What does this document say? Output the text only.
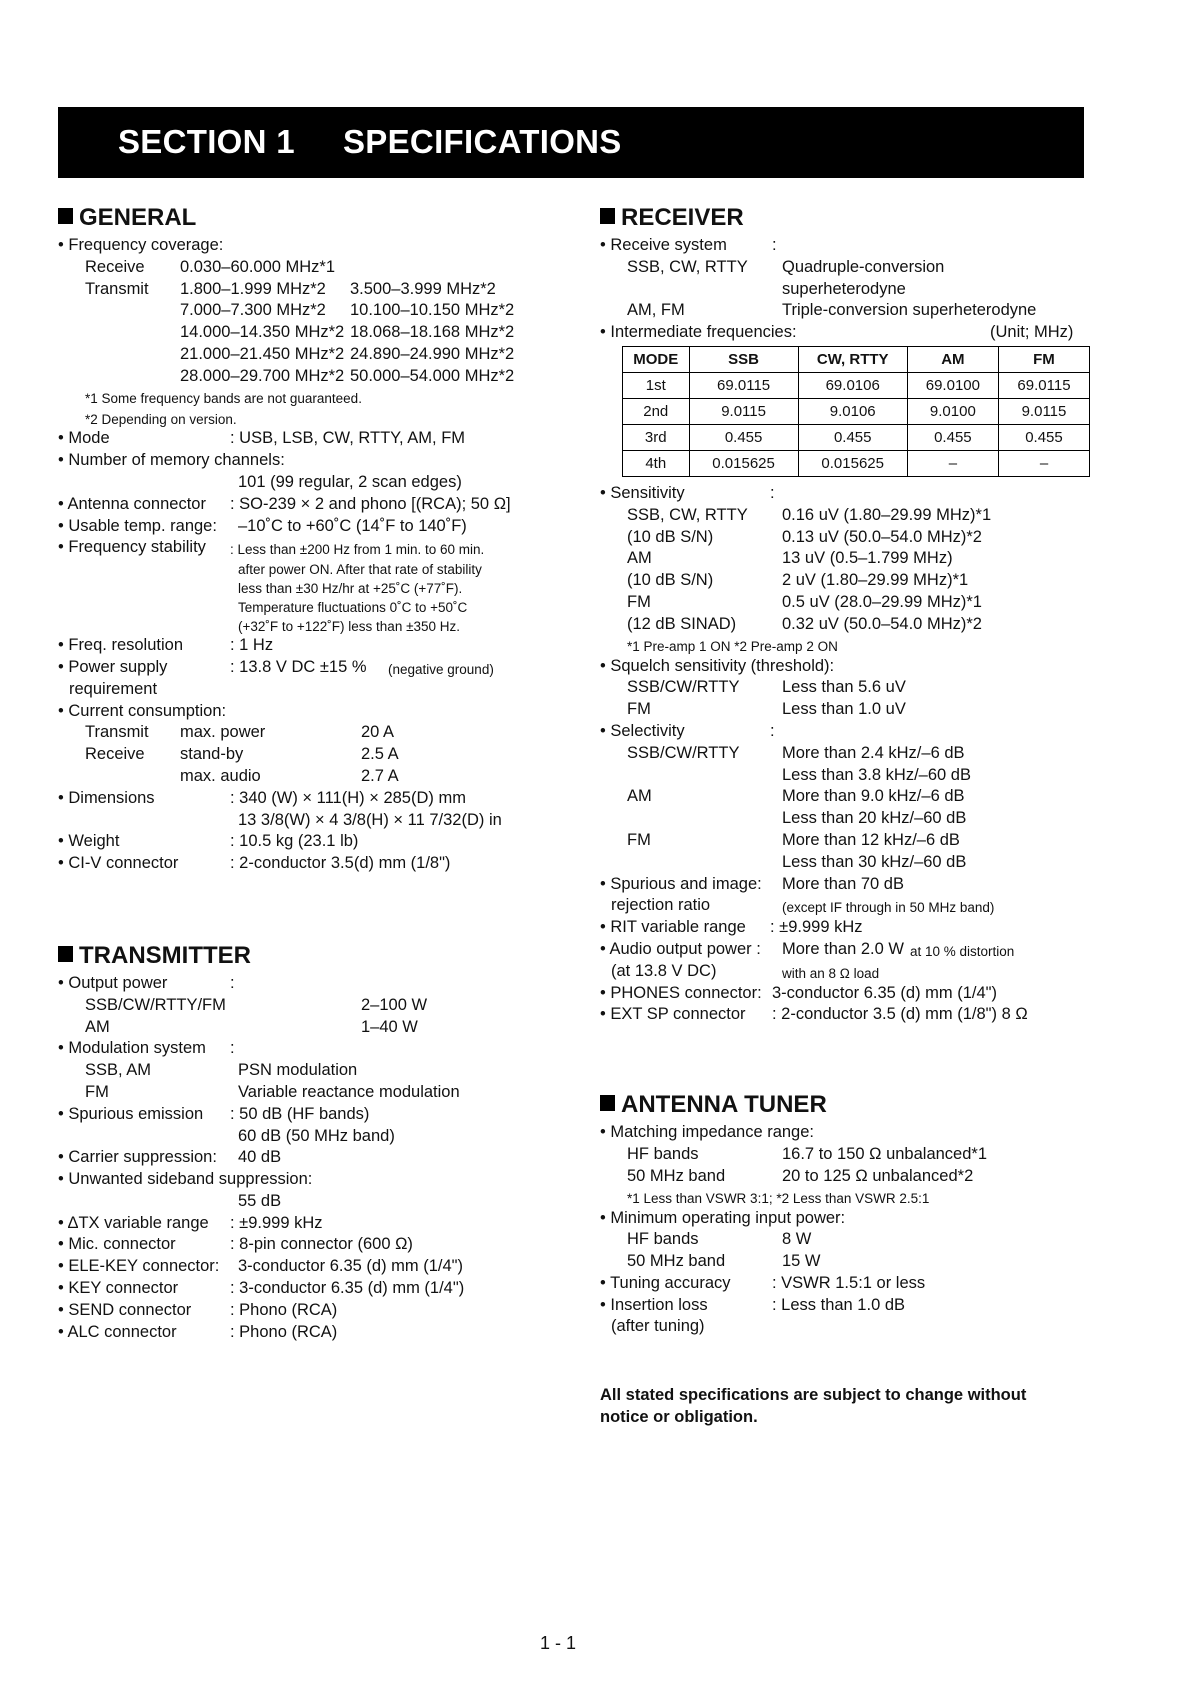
SECTION 1 SPECIFICATIONS
GENERAL
• Frequency coverage:
Receive 0.030–60.000 MHz*1
Transmit 1.800–1.999 MHz*2 3.500–3.999 MHz*2
7.000–7.300 MHz*2 10.100–10.150 MHz*2
14.000–14.350 MHz*2 18.068–18.168 MHz*2
21.000–21.450 MHz*2 24.890–24.990 MHz*2
28.000–29.700 MHz*2 50.000–54.000 MHz*2
*1 Some frequency bands are not guaranteed.
*2 Depending on version.
• Mode	: USB, LSB, CW, RTTY, AM, FM
• Number of memory channels:
101 (99 regular, 2 scan edges)
• Antenna connector : SO-239 × 2 and phono [(RCA); 50 Ω]
• Usable temp. range: –10˚C to +60˚C (14˚F to 140˚F)
• Frequency stability : Less than ±200 Hz from 1 min. to 60 min.
after power ON. After that rate of stability
less than ±30 Hz/hr at +25˚C (+77˚F).
Temperature fluctuations 0˚C to +50˚C
(+32˚F to +122˚F) less than ±350 Hz.
• Freq. resolution	: 1 Hz
• Power supply	: 13.8 V DC ±15 % (negative ground)
requirement
• Current consumption:
Transmit max. power	20 A
Receive stand-by	2.5 A
max. audio	2.7 A
• Dimensions	: 340 (W) × 111(H) × 285(D) mm
13 3/8(W) × 4 3/8(H) × 11 7/32(D) in
• Weight	: 10.5 kg (23.1 lb)
• CI-V connector	: 2-conductor 3.5(d) mm (1/8")
TRANSMITTER
• Output power	:
SSB/CW/RTTY/FM	2–100 W
AM	1–40 W
• Modulation system :
SSB, AM	PSN modulation
FM	Variable reactance modulation
• Spurious emission : 50 dB (HF bands)
60 dB (50 MHz band)
• Carrier suppression: 40 dB
• Unwanted sideband suppression:
55 dB
• ΔTX variable range : ±9.999 kHz
• Mic. connector	: 8-pin connector (600 Ω)
• ELE-KEY connector: 3-conductor 6.35 (d) mm (1/4")
• KEY connector	: 3-conductor 6.35 (d) mm (1/4")
• SEND connector : Phono (RCA)
• ALC connector	: Phono (RCA)
RECEIVER
• Receive system	:
SSB, CW, RTTY Quadruple-conversion
superheterodyne
AM, FM	Triple-conversion superheterodyne
• Intermediate frequencies:	(Unit; MHz)
MODE	SSB	CW, RTTY	AM	FM
1st	69.0115	69.0106	69.0100	69.0115
2nd	9.0115	9.0106	9.0100	9.0115
3rd	0.455	0.455	0.455	0.455
4th	0.015625	0.015625	–	–
• Sensitivity	:
SSB, CW, RTTY 0.16 uV (1.80–29.99 MHz)*1
(10 dB S/N)	0.13 uV (50.0–54.0 MHz)*2
AM	13 uV (0.5–1.799 MHz)
(10 dB S/N)	2 uV (1.80–29.99 MHz)*1
FM	0.5 uV (28.0–29.99 MHz)*1
(12 dB SINAD)	0.32 uV (50.0–54.0 MHz)*2
*1 Pre-amp 1 ON *2 Pre-amp 2 ON
• Squelch sensitivity (threshold):
SSB/CW/RTTY	Less than 5.6 uV
FM	Less than 1.0 uV
• Selectivity	:
SSB/CW/RTTY	More than 2.4 kHz/–6 dB
Less than 3.8 kHz/–60 dB
AM	More than 9.0 kHz/–6 dB
Less than 20 kHz/–60 dB
FM	More than 12 kHz/–6 dB
Less than 30 kHz/–60 dB
• Spurious and image: More than 70 dB
rejection ratio	(except IF through in 50 MHz band)
• RIT variable range : ±9.999 kHz
• Audio output power : More than 2.0 W at 10 % distortion
(at 13.8 V DC)	with an 8 Ω load
• PHONES connector: 3-conductor 6.35 (d) mm (1/4")
• EXT SP connector : 2-conductor 3.5 (d) mm (1/8") 8 Ω
ANTENNA TUNER
• Matching impedance range:
HF bands	16.7 to 150 Ω unbalanced*1
50 MHz band	20 to 125 Ω unbalanced*2
*1 Less than VSWR 3:1; *2 Less than VSWR 2.5:1
• Minimum operating input power:
HF bands	8 W
50 MHz band	15 W
• Tuning accuracy	: VSWR 1.5:1 or less
• Insertion loss	: Less than 1.0 dB
(after tuning)
All stated specifications are subject to change without
notice or obligation.
1 - 1
